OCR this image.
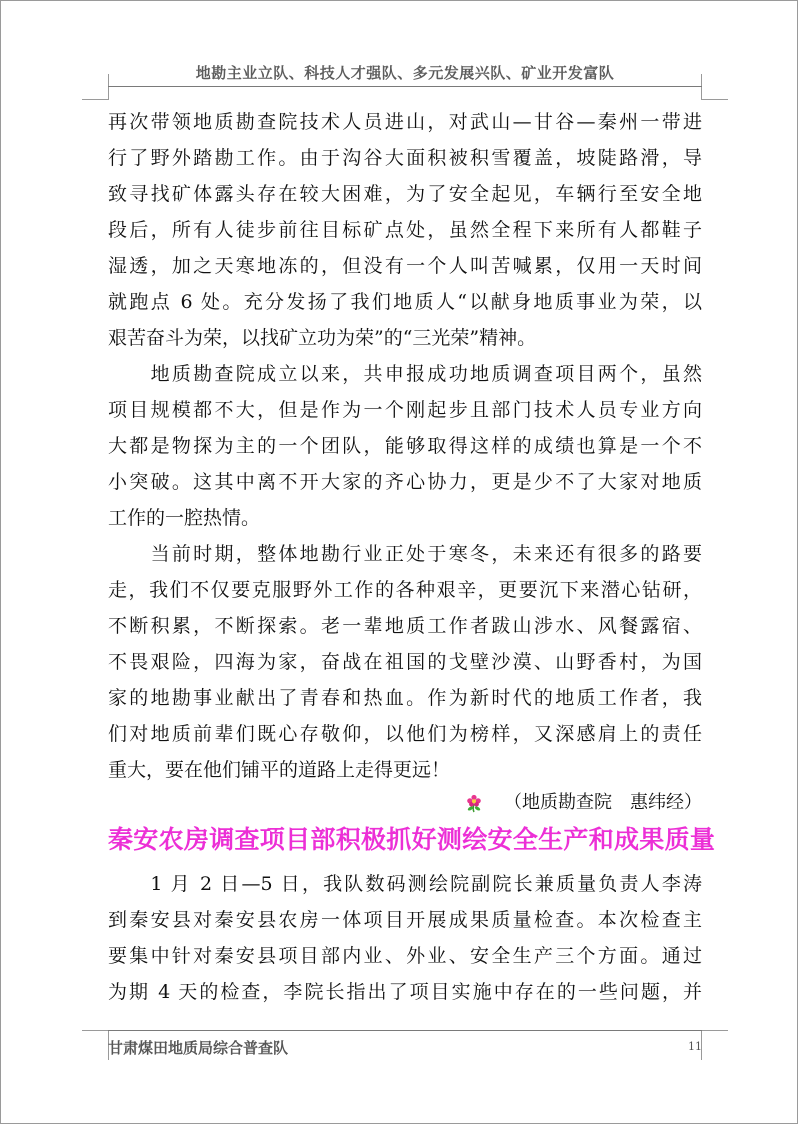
地勘主业立队、科技人才强队、多元发展兴队、矿业开发富队
再次带领地质勘查院技术人员进山，对武山—甘谷—秦州一带进
行了野外踏勘工作。由于沟谷大面积被积雪覆盖，坡陡路滑，导
致寻找矿体露头存在较大困难，为了安全起见，车辆行至安全地
段后，所有人徒步前往目标矿点处，虽然全程下来所有人都鞋子
湿透，加之天寒地冻的，但没有一个人叫苦喊累，仅用一天时间
就跑点 6 处。充分发扬了我们地质人“以献身地质事业为荣，以
艰苦奋斗为荣，以找矿立功为荣”的“三光荣”精神。
　　地质勘查院成立以来，共申报成功地质调查项目两个，虽然
项目规模都不大，但是作为一个刚起步且部门技术人员专业方向
大都是物探为主的一个团队，能够取得这样的成绩也算是一个不
小突破。这其中离不开大家的齐心协力，更是少不了大家对地质
工作的一腔热情。
　　当前时期，整体地勘行业正处于寒冬，未来还有很多的路要
走，我们不仅要克服野外工作的各种艰辛，更要沉下来潜心钻研，
不断积累，不断探索。老一辈地质工作者跋山涉水、风餐露宿、
不畏艰险，四海为家，奋战在祖国的戈壁沙漠、山野香村，为国
家的地勘事业献出了青春和热血。作为新时代的地质工作者，我
们对地质前辈们既心存敬仰，以他们为榜样，又深感肩上的责任
重大，要在他们铺平的道路上走得更远！
（地质勘查院　惠纬经）
秦安农房调查项目部积极抓好测绘安全生产和成果质量
　　1 月 2 日—5 日，我队数码测绘院副院长兼质量负责人李涛
到秦安县对秦安县农房一体项目开展成果质量检查。本次检查主
要集中针对秦安县项目部内业、外业、安全生产三个方面。通过
为期 4 天的检查，李院长指出了项目实施中存在的一些问题，并
甘肃煤田地质局综合普查队	11
